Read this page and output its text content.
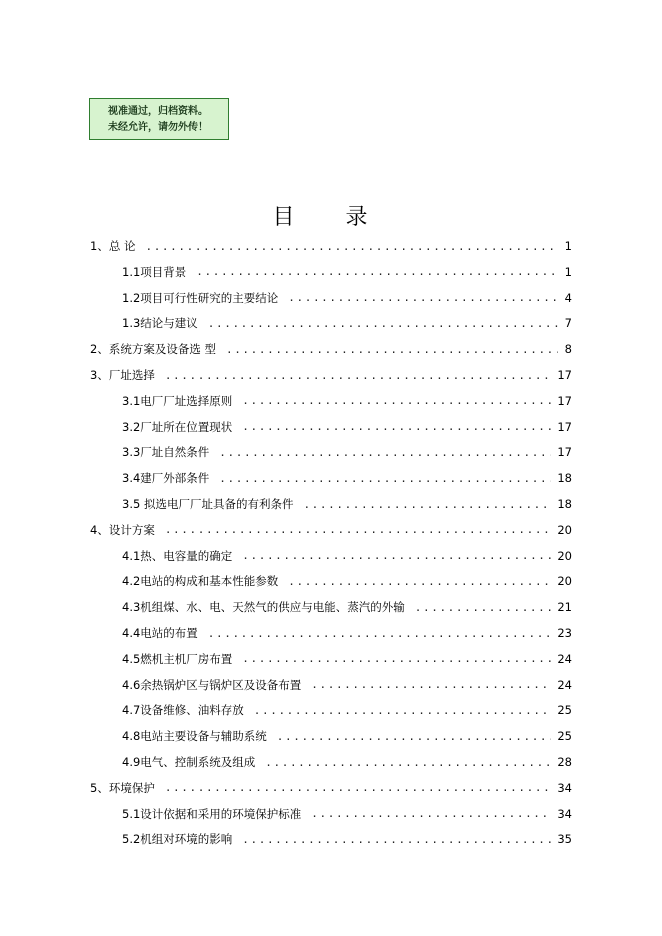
视准通过，归档资料。
未经允许，请勿外传！
目 录
1、总 论 .....	1
1.1项目背景 .....	1
1.2项目可行性研究的主要结论 .....	4
1.3结论与建议 .....	7
2、系统方案及设备选 型 .....	8
3、厂址选择 .....	17
3.1电厂厂址选择原则 .....	17
3.2厂址所在位置现状 .....	17
3.3厂址自然条件 .....	17
3.4建厂外部条件 .....	18
3.5 拟选电厂厂址具备的有利条件 .....	18
4、设计方案 .....	20
4.1热、电容量的确定 .....	20
4.2电站的构成和基本性能参数 .....	20
4.3机组煤、水、电、天然气的供应与电能、蒸汽的外输 .....	21
4.4电站的布置 .....	23
4.5燃机主机厂房布置 .....	24
4.6余热锅炉区与锅炉区及设备布置 .....	24
4.7设备维修、油料存放 .....	25
4.8电站主要设备与辅助系统 .....	25
4.9电气、控制系统及组成 .....	28
5、环境保护 .....	34
5.1设计依据和采用的环境保护标准 .....	34
5.2机组对环境的影响 .....	35
